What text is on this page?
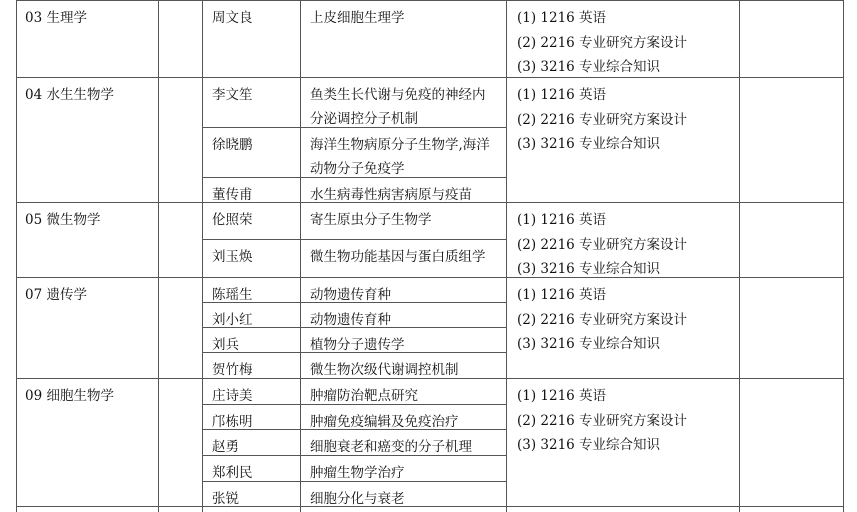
03 生理学	周文良	上皮细胞生理学	(1) 1216 英语
(2) 2216 专业研究方案设计
(3) 3216 专业综合知识
04 水生生物学	李文笙	鱼类生长代谢与免疫的神经内
分泌调控分子机制
徐晓鹏	海洋生物病原分子生物学,海洋
动物分子免疫学
董传甫	水生病毒性病害病原与疫苗
(1) 1216 英语
(2) 2216 专业研究方案设计
(3) 3216 专业综合知识
05 微生物学	伦照荣	寄生原虫分子生物学
刘玉焕	微生物功能基因与蛋白质组学
(1) 1216 英语
(2) 2216 专业研究方案设计
(3) 3216 专业综合知识
07 遗传学	陈瑶生	动物遗传育种
刘小红	动物遗传育种
刘兵	植物分子遗传学
贺竹梅	微生物次级代谢调控机制
(1) 1216 英语
(2) 2216 专业研究方案设计
(3) 3216 专业综合知识
09 细胞生物学	庄诗美	肿瘤防治靶点研究
邝栋明	肿瘤免疫编辑及免疫治疗
赵勇	细胞衰老和癌变的分子机理
郑利民	肿瘤生物学治疗
张锐	细胞分化与衰老
(1) 1216 英语
(2) 2216 专业研究方案设计
(3) 3216 专业综合知识
